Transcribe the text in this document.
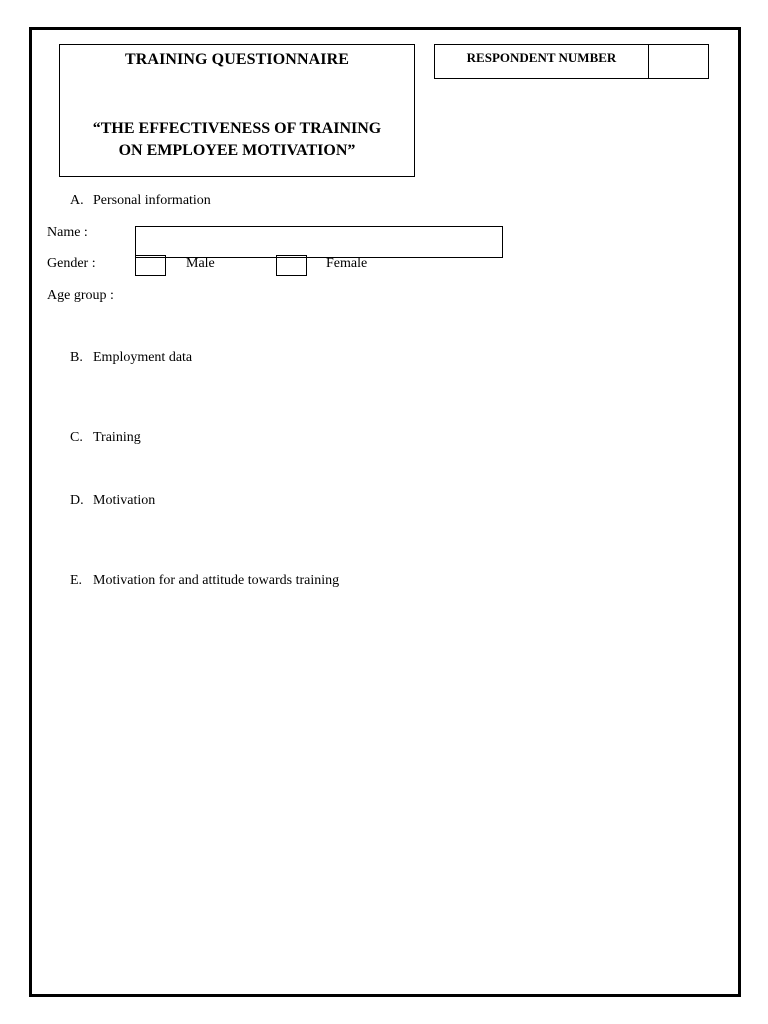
TRAINING QUESTIONNAIRE
“THE EFFECTIVENESS OF TRAINING
ON EMPLOYEE MOTIVATION”
RESPONDENT NUMBER
A. Personal information
Name :
Gender :	Male	Female
Age group :
B. Employment data
C. Training
D. Motivation
E. Motivation for and attitude towards training
